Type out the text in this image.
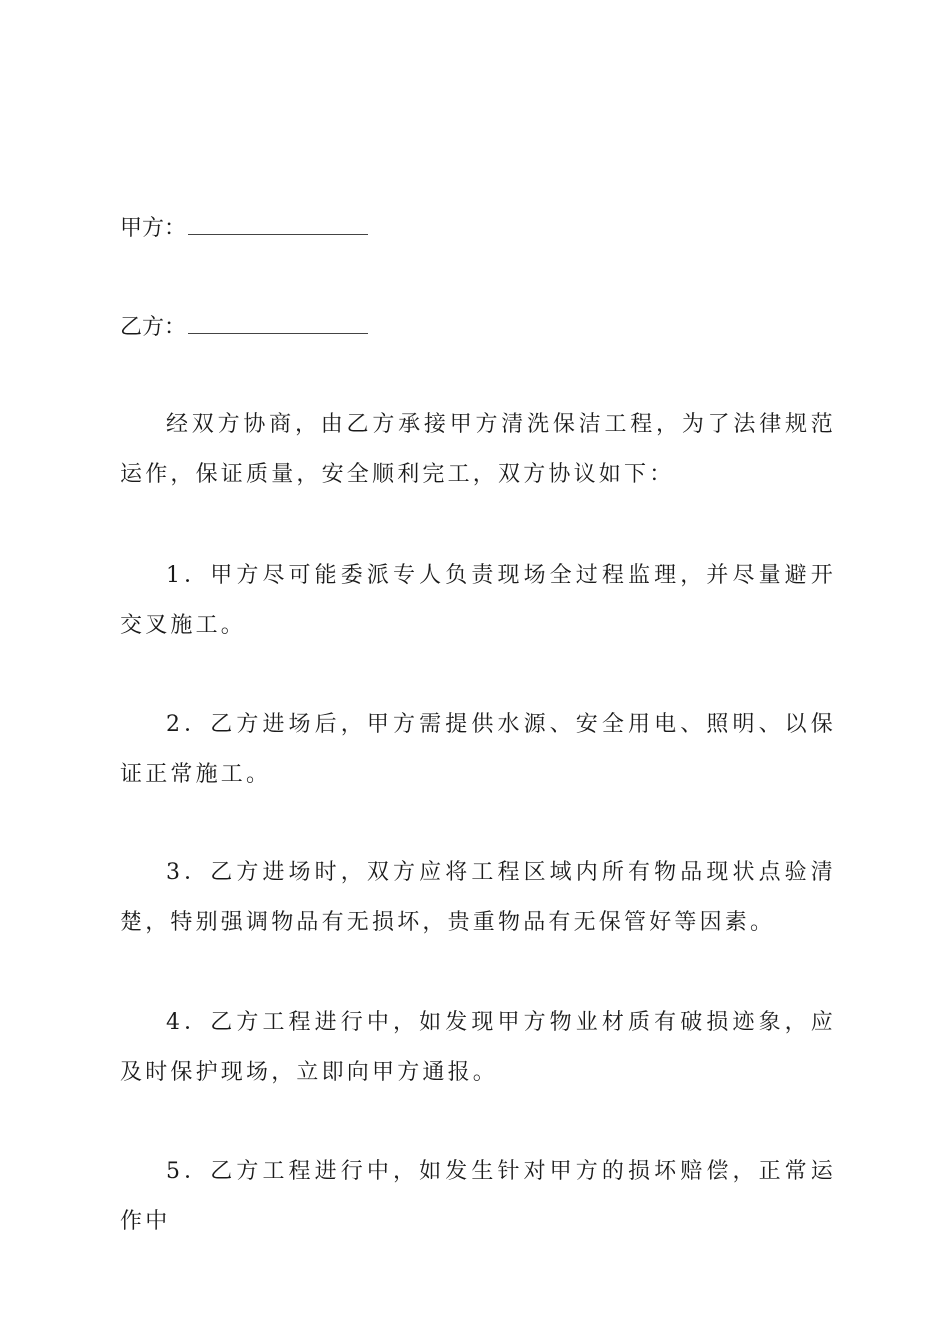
甲方：
乙方：

经双方协商，由乙方承接甲方清洗保洁工程，为了法律规范运作，保证质量，安全顺利完工，双方协议如下：

1．甲方尽可能委派专人负责现场全过程监理，并尽量避开交叉施工。

2．乙方进场后，甲方需提供水源、安全用电、照明、以保证正常施工。

3．乙方进场时，双方应将工程区域内所有物品现状点验清楚，特别强调物品有无损坏，贵重物品有无保管好等因素。

4．乙方工程进行中，如发现甲方物业材质有破损迹象，应及时保护现场，立即向甲方通报。

5．乙方工程进行中，如发生针对甲方的损坏赔偿，正常运作中
